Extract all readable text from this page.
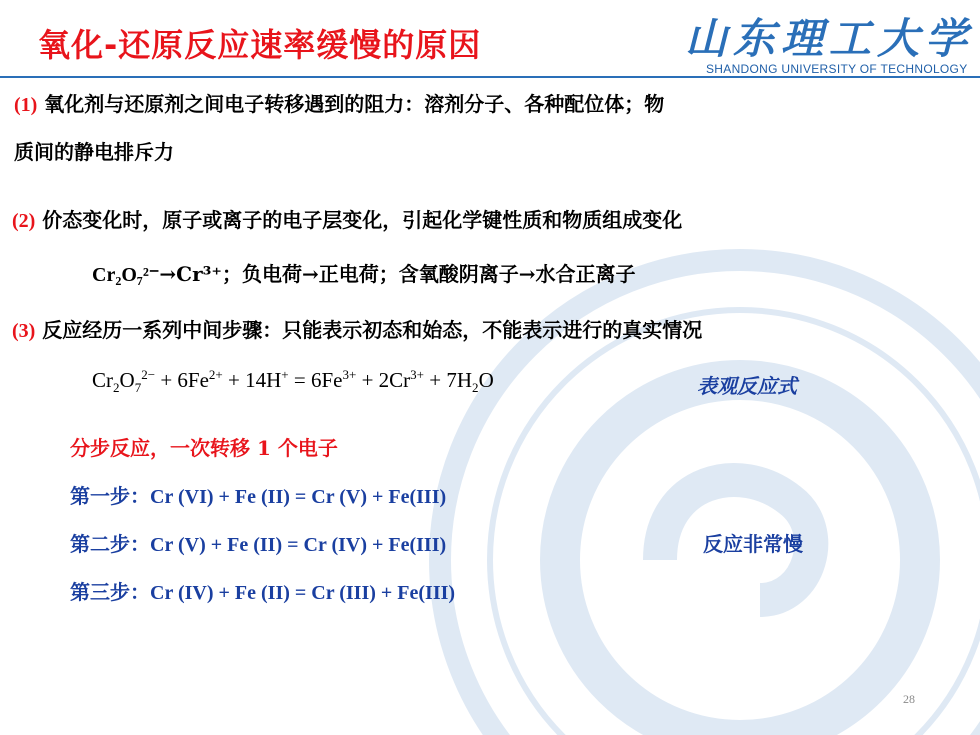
氧化-还原反应速率缓慢的原因	山东理工大学
SHANDONG UNIVERSITY OF TECHNOLOGY
(1) 氧化剂与还原剂之间电子转移遇到的阻力：溶剂分子、各种配位体；物
质间的静电排斥力
(2) 价态变化时，原子或离子的电子层变化，引起化学键性质和物质组成变化
Cr₂O₇²⁻→Cr³⁺；负电荷→正电荷；含氧酸阴离子→水合正离子
(3) 反应经历一系列中间步骤：只能表示初态和始态，不能表示进行的真实情况
$Cr_2O_7^{2-} + 6Fe^{2+} + 14H^+ = 6Fe^{3+} + 2Cr^{3+} + 7H_2O$	表观反应式
分步反应，一次转移 1 个电子
第一步：Cr (VI) + Fe (II) = Cr (V) + Fe(III)
第二步：Cr (V) + Fe (II) = Cr (IV) + Fe(III)	反应非常慢
第三步：Cr (IV) + Fe (II) = Cr (III) + Fe(III)
28
